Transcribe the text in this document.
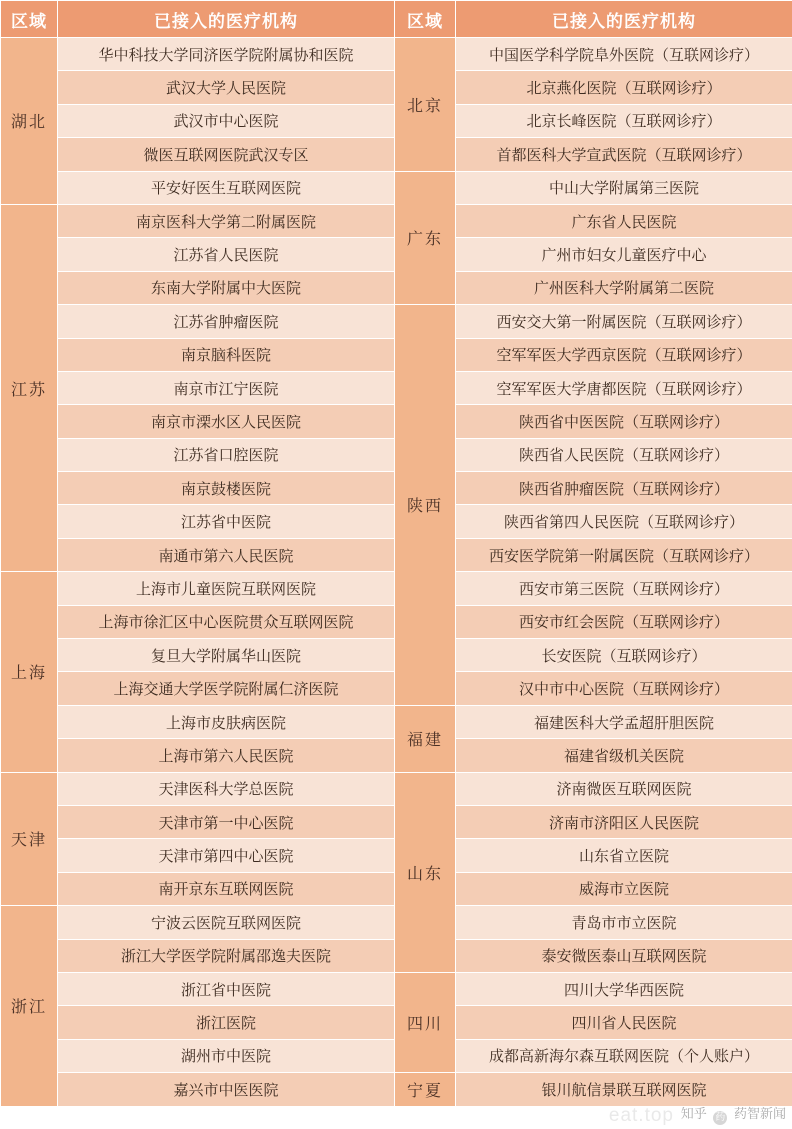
区域	已接入的医疗机构	区域	已接入的医疗机构
湖北	华中科技大学同济医学院附属协和医院	北京	中国医学科学院阜外医院（互联网诊疗）
	武汉大学人民医院		北京燕化医院（互联网诊疗）
	武汉市中心医院		北京长峰医院（互联网诊疗）
	微医互联网医院武汉专区		首都医科大学宣武医院（互联网诊疗）
	平安好医生互联网医院	广东	中山大学附属第三医院
江苏	南京医科大学第二附属医院		广东省人民医院
	江苏省人民医院		广州市妇女儿童医疗中心
	东南大学附属中大医院		广州医科大学附属第二医院
	江苏省肿瘤医院	陕西	西安交大第一附属医院（互联网诊疗）
	南京脑科医院		空军军医大学西京医院（互联网诊疗）
	南京市江宁医院		空军军医大学唐都医院（互联网诊疗）
	南京市溧水区人民医院		陕西省中医医院（互联网诊疗）
	江苏省口腔医院		陕西省人民医院（互联网诊疗）
	南京鼓楼医院		陕西省肿瘤医院（互联网诊疗）
	江苏省中医院		陕西省第四人民医院（互联网诊疗）
	南通市第六人民医院		西安医学院第一附属医院（互联网诊疗）
上海	上海市儿童医院互联网医院		西安市第三医院（互联网诊疗）
	上海市徐汇区中心医院贯众互联网医院		西安市红会医院（互联网诊疗）
	复旦大学附属华山医院		长安医院（互联网诊疗）
	上海交通大学医学院附属仁济医院		汉中市中心医院（互联网诊疗）
	上海市皮肤病医院	福建	福建医科大学孟超肝胆医院
	上海市第六人民医院		福建省级机关医院
天津	天津医科大学总医院	山东	济南微医互联网医院
	天津市第一中心医院		济南市济阳区人民医院
	天津市第四中心医院		山东省立医院
	南开京东互联网医院		威海市立医院
浙江	宁波云医院互联网医院		青岛市市立医院
	浙江大学医学院附属邵逸夫医院		泰安微医泰山互联网医院
	浙江省中医院	四川	四川大学华西医院
	浙江医院		四川省人民医院
	湖州市中医院		成都高新海尔森互联网医院（个人账户）
	嘉兴市中医医院	宁夏	银川航信景联互联网医院
eat.top 知乎 药 药智新闻
